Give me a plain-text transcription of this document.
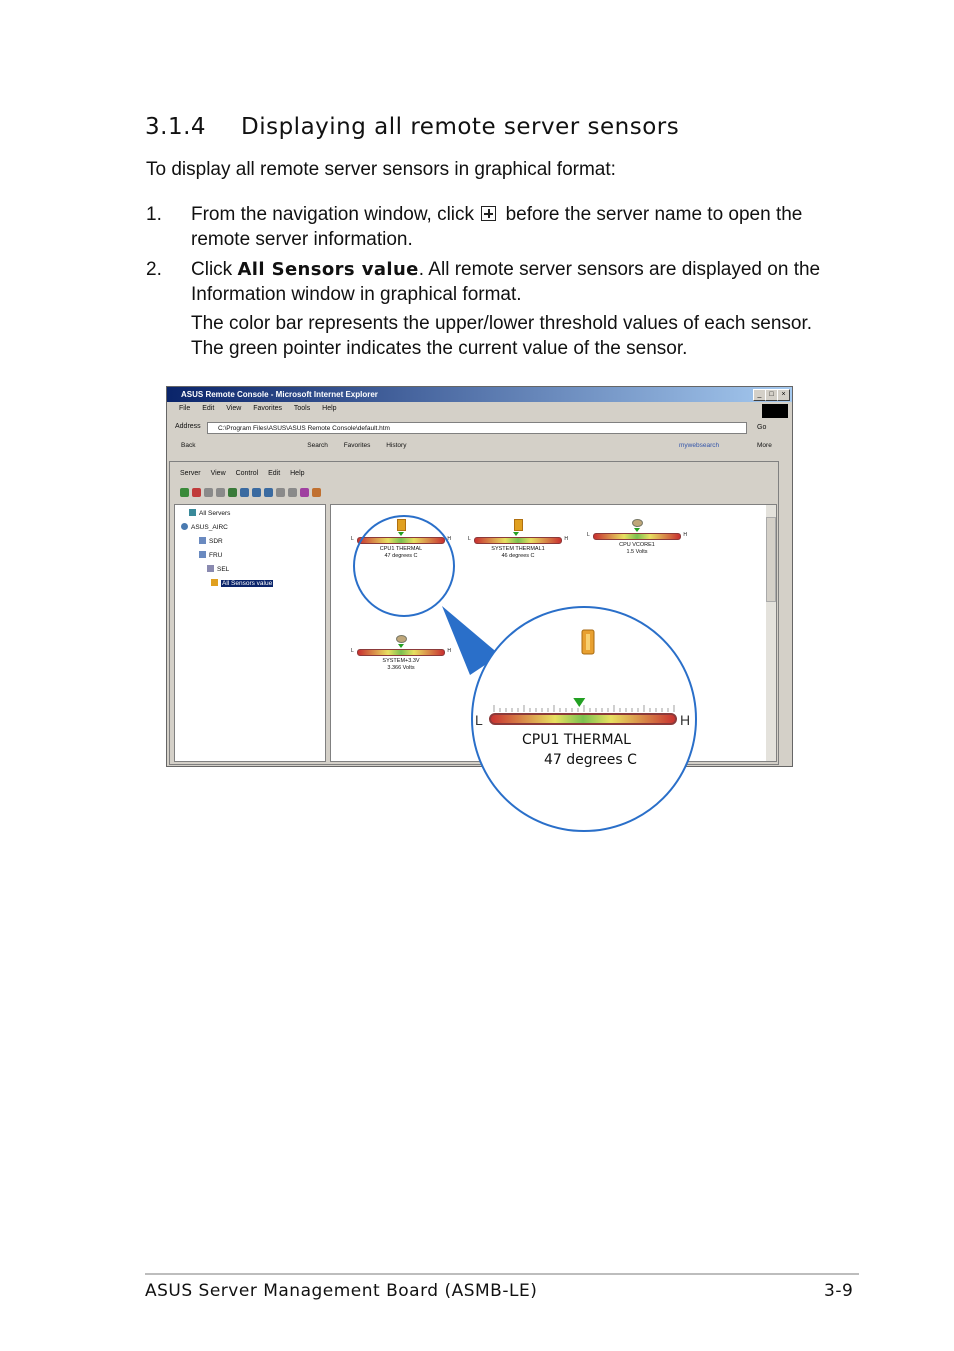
3.1.4 Displaying all remote server sensors
To display all remote server sensors in graphical format:
1. From the navigation window, click before the server name to open the remote server information.
2. Click All Sensors value. All remote server sensors are displayed on the Information window in graphical format.
The color bar represents the upper/lower threshold values of each sensor. The green pointer indicates the current value of the sensor.
ASUS Remote Console - Microsoft Internet Explorer	_	□	×
File Edit View Favorites Tools Help
Address	C:\Program Files\ASUS\ASUS Remote Console\default.htm	Go
Back	Search Favorites History	mywebsearch	More
Server View Control Edit Help
All Servers
ASUS_AIRC
SDR
FRU
SEL
All Sensors value
L	H
CPU1 THERMAL
47 degrees C
L	H
SYSTEM THERMAL1
46 degrees C
L	H
CPU VCORE1
1.5 Volts
L	H
SYSTEM+3.3V
3.366 Volts
L	H
CPU1 THERMAL
47 degrees C
ASUS Server Management Board (ASMB-LE)	3-9
